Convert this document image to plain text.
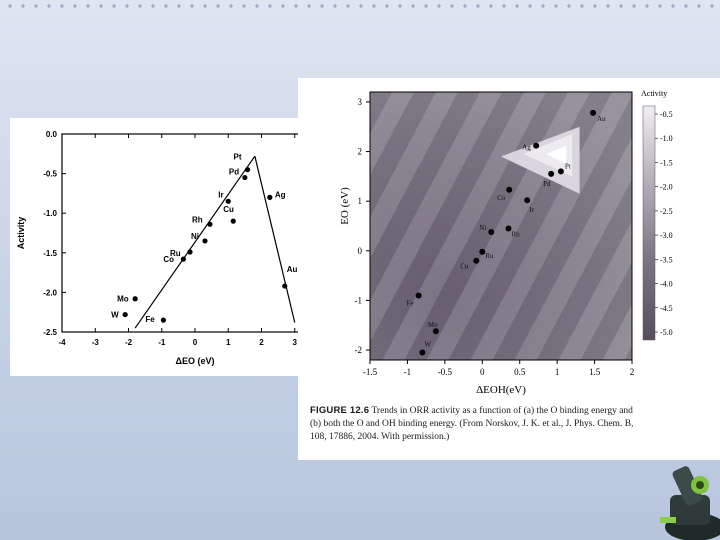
-4	-3	-2	-1	0	1	2	3
0.0
-0.5
-1.0
-1.5
-2.0
-2.5
ΔEO (eV)
Activity
W
Mo
Fe
Co
Ru
Ni
Rh
Cu
Ir
Pd
Pt
Ag
Au
-1.5	-1	-0.5	0	0.5	1	1.5	2
-2
-1
0
1
2
3
ΔEOH(eV)
EO (eV)
Activity
-0.5
-1.0
-1.5
-2.0
-2.5
-3.0
-3.5
-4.0
-4.5
-5.0
Au
Ag
Pt
Pd
Co
Ir
Ni
Rh
Ru
Cu
Fe
Mo
W
FIGURE 12.6 Trends in ORR activity as a function of (a) the O binding energy and (b) both the O and OH binding energy. (From Norskov, J. K. et al., J. Phys. Chem. B, 108, 17886, 2004. With permission.)
